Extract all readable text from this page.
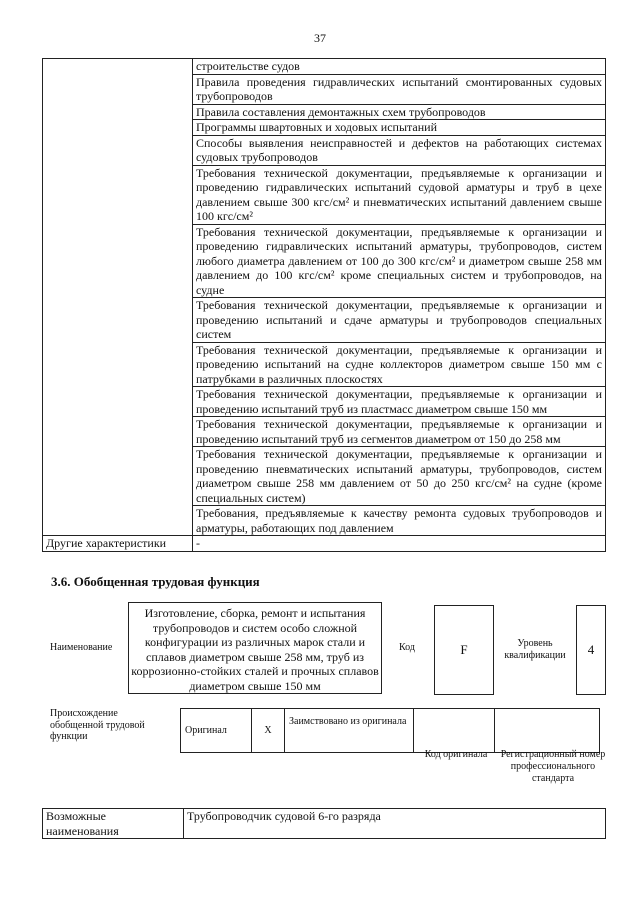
37
	строительстве судов
	Правила проведения гидравлических испытаний смонтированных судовых трубопроводов
	Правила составления демонтажных схем трубопроводов
	Программы швартовных и ходовых испытаний
	Способы выявления неисправностей и дефектов на работающих системах судовых трубопроводов
	Требования технической документации, предъявляемые к организации и проведению гидравлических испытаний судовой арматуры и труб в цехе давлением свыше 300 кгс/см² и пневматических испытаний давлением свыше 100 кгс/см²
	Требования технической документации, предъявляемые к организации и проведению гидравлических испытаний арматуры, трубопроводов, систем любого диаметра давлением от 100 до 300 кгс/см² и диаметром свыше 258 мм давлением до 100 кгс/см² кроме специальных систем и трубопроводов, на судне
	Требования технической документации, предъявляемые к организации и проведению испытаний и сдаче арматуры и трубопроводов специальных систем
	Требования технической документации, предъявляемые к организации и проведению испытаний на судне коллекторов диаметром свыше 150 мм с патрубками в различных плоскостях
	Требования технической документации, предъявляемые к организации и проведению испытаний труб из пластмасс диаметром свыше 150 мм
	Требования технической документации, предъявляемые к организации и проведению испытаний труб из сегментов диаметром от 150 до 258 мм
	Требования технической документации, предъявляемые к организации и проведению пневматических испытаний арматуры, трубопроводов, систем диаметром свыше 258 мм давлением от 50 до 250 кгс/см² на судне (кроме специальных систем)
	Требования, предъявляемые к качеству ремонта судовых трубопроводов и арматуры, работающих под давлением
Другие характеристики	-
3.6. Обобщенная трудовая функция
Наименование
Изготовление, сборка, ремонт и испытания трубопроводов и систем особо сложной конфигурации из различных марок стали и сплавов диаметром свыше 258 мм, труб из коррозионно-стойких сталей и прочных сплавов диаметром свыше 150 мм
Код	F	Уровень квалификации	4
Происхождение обобщенной трудовой функции
Оригинал	X	Заимствовано из оригинала		
Код оригинала Регистрационный номер профессионального стандарта
Возможные наименования	Трубопроводчик судовой 6-го разряда
